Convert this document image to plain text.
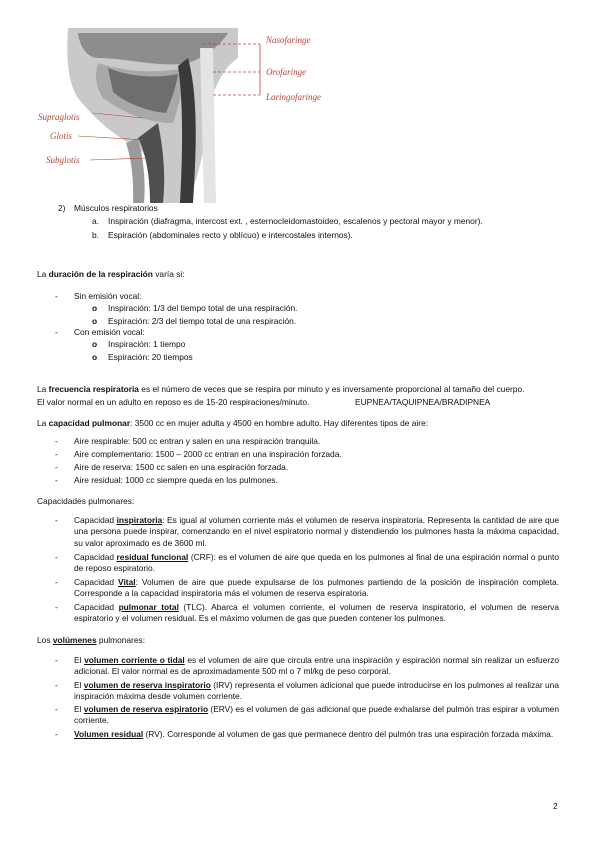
Nasofaringe
Orofaringe
Laringofaringe
Supraglotis
Glotis
Subglotis
2) Músculos respiratorios
a. Inspiración (diafragma, intercost ext. , esternocleidomastoideo, escalenos y pectoral mayor y menor).
b. Espiración (abdominales recto y oblícuo) e intercostales internos).
La duración de la respiración varía si:
- Sin emisión vocal:
o Inspiración: 1/3 del tiempo total de una respiración.
o Espiración: 2/3 del tiempo total de una respiración.
- Con emisión vocal:
o Inspiración: 1 tiempo
o Espiración: 20 tiempos
La frecuencia respiratoria es el número de veces que se respira por minuto y es inversamente proporcional al tamaño del cuerpo.
El valor normal en un adulto en reposo es de 15-20 respiraciones/minuto.	EUPNEA/TAQUIPNEA/BRADIPNEA
La capacidad pulmonar: 3500 cc en mujer adulta y 4500 en hombre adulto. Hay diferentes tipos de aire:
- Aire respirable: 500 cc entran y salen en una respiración tranquila.
- Aire complementario: 1500 – 2000 cc entran en una inspiración forzada.
- Aire de reserva: 1500 cc salen en una espiración forzada.
- Aire residual: 1000 cc siempre queda en los pulmones.
Capacidades pulmonares:
- Capacidad inspiratoria: Es igual al volumen corriente más el volumen de reserva inspiratoria. Representa la cantidad de aire que una persona puede inspirar, comenzando en el nivel espiratorio normal y distendiendo los pulmones hasta la máxima capacidad, su valor aproximado es de 3600 ml.
- Capacidad residual funcional (CRF): es el volumen de aire que queda en los pulmones al final de una espiración normal o punto de reposo espiratorio.
- Capacidad Vital: Volumen de aire que puede expulsarse de los pulmones partiendo de la posición de inspiración completa. Corresponde a la capacidad inspiratoria más el volumen de reserva espiratoria.
- Capacidad pulmonar total (TLC). Abarca el volumen corriente, el volumen de reserva inspiratorio, el volumen de reserva espiratorio y el volumen residual. Es el máximo volumen de gas que pueden contener los pulmones.
Los volúmenes pulmonares:
- El volumen corriente o tidal es el volumen de aire que circula entre una inspiración y espiración normal sin realizar un esfuerzo adicional. El valor normal es de aproximadamente 500 ml o 7 ml/kg de peso corporal.
- El volumen de reserva inspiratorio (IRV) representa el volumen adicional que puede introducirse en los pulmones al realizar una inspiración máxima desde volumen corriente.
- El volumen de reserva espiratorio (ERV) es el volumen de gas adicional que puede exhalarse del pulmón tras espirar a volumen corriente.
- Volumen residual (RV). Corresponde al volumen de gas que permanece dentro del pulmón tras una espiración forzada máxima.
2
